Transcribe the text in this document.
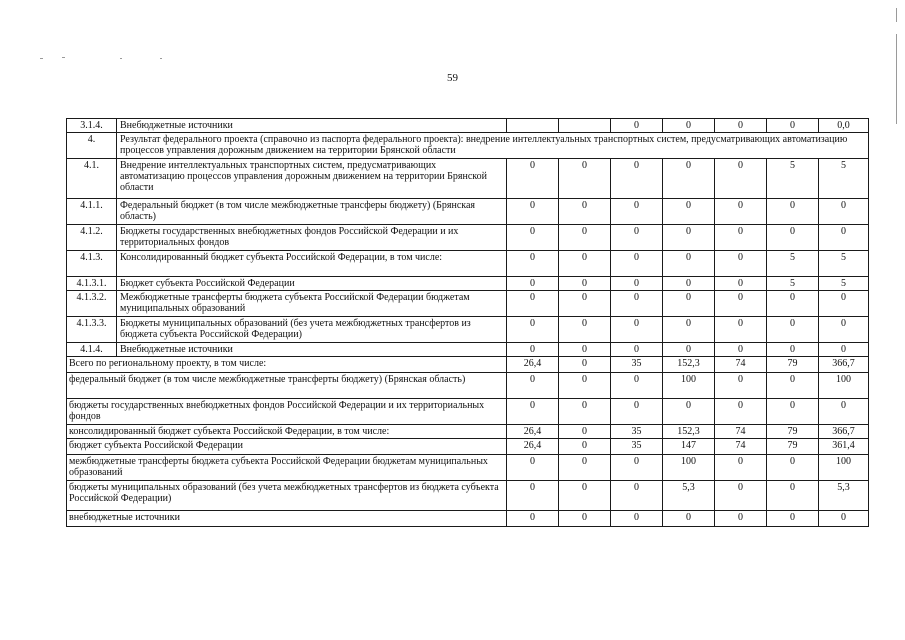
59
3.1.4.	Внебюджетные источники			0	0	0	0	0,0
4.	Результат федерального проекта (справочно из паспорта федерального проекта): внедрение интеллектуальных транспортных систем, предусматривающих автоматизацию процессов управления дорожным движением на территории Брянской области							
4.1.	Внедрение интеллектуальных транспортных систем, предусматривающих автоматизацию процессов управления дорожным движением на территории Брянской области	0	0	0	0	0	5	5
4.1.1.	Федеральный бюджет (в том числе межбюджетные трансферы бюджету) (Брянская область)	0	0	0	0	0	0	0
4.1.2.	Бюджеты государственных внебюджетных фондов Российской Федерации и их территориальных фондов	0	0	0	0	0	0	0
4.1.3.	Консолидированный бюджет субъекта Российской Федерации, в том числе:	0	0	0	0	0	5	5
4.1.3.1.	Бюджет субъекта Российской Федерации	0	0	0	0	0	5	5
4.1.3.2.	Межбюджетные трансферты бюджета субъекта Российской Федерации бюджетам муниципальных образований	0	0	0	0	0	0	0
4.1.3.3.	Бюджеты муниципальных образований (без учета межбюджетных трансфертов из бюджета субъекта Российской Федерации)	0	0	0	0	0	0	0
4.1.4.	Внебюджетные источники	0	0	0	0	0	0	0
Всего по региональному проекту, в том числе:		26,4	0	35	152,3	74	79	366,7
федеральный бюджет (в том числе межбюджетные трансферты бюджету) (Брянская область)		0	0	0	100	0	0	100
бюджеты государственных внебюджетных фондов Российской Федерации и их территориальных фондов		0	0	0	0	0	0	0
консолидированный бюджет субъекта Российской Федерации, в том числе:		26,4	0	35	152,3	74	79	366,7
бюджет субъекта Российской Федерации		26,4	0	35	147	74	79	361,4
межбюджетные трансферты бюджета субъекта Российской Федерации бюджетам муниципальных образований		0	0	0	100	0	0	100
бюджеты муниципальных образований (без учета межбюджетных трансфертов из бюджета субъекта Российской Федерации)		0	0	0	5,3	0	0	5,3
внебюджетные источники		0	0	0	0	0	0	0
